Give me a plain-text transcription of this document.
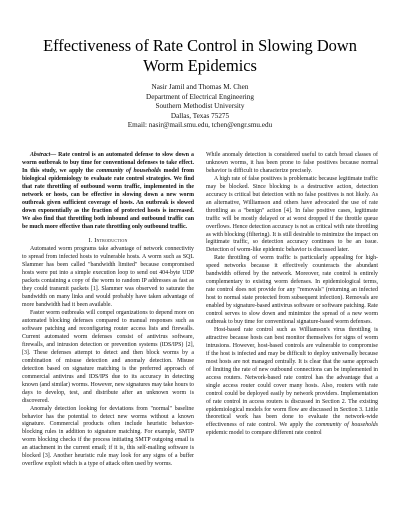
Effectiveness of Rate Control in Slowing Down Worm Epidemics
Nasir Jamil and Thomas M. Chen
Department of Electrical Engineering
Southern Methodist University
Dallas, Texas 75275
Email: nasir@mail.smu.edu, tchen@engr.smu.edu

Abstract— Rate control is an automated defense to slow down a worm outbreak to buy time for conventional defenses to take effect. In this study, we apply the community of households model from biological epidemiology to evaluate rate control strategies. We find that rate throttling of outbound worm traffic, implemented in the network or hosts, can be effective in slowing down a new worm outbreak given sufficient coverage of hosts. An outbreak is slowed down exponentially as the fraction of protected hosts is increased. We also find that throttling both inbound and outbound traffic can be much more effective than rate throttling only outbound traffic.

I. Introduction

Automated worm programs take advantage of network connectivity to spread from infected hosts to vulnerable hosts. A worm such as SQL Slammer has been called "bandwidth limited" because compromised hosts were put into a simple execution loop to send out 404-byte UDP packets containing a copy of the worm to random IP addresses as fast as they could transmit packets [1]. Slammer was observed to saturate the bandwidth on many links and would probably have taken advantage of more bandwidth had it been available.

Faster worm outbreaks will compel organizations to depend more on automated blocking defenses compared to manual responses such as software patching and reconfiguring router access lists and firewalls. Current automated worm defenses consist of antivirus software, firewalls, and intrusion detection or prevention systems (IDS/IPS) [2], [3]. These defenses attempt to detect and then block worms by a combination of misuse detection and anomaly detection. Misuse detection based on signature matching is the preferred approach of commercial antivirus and IDS/IPS due to its accuracy in detecting known (and similar) worms. However, new signatures may take hours to days to develop, test, and distribute after an unknown worm is discovered.

Anomaly detection looking for deviations from "normal" baseline behavior has the potential to detect new worms without a known signature. Commercial products often include heuristic behavior-blocking rules in addition to signature matching. For example, SMTP worm blocking checks if the process initiating SMTP outgoing email is an attachment in the current email; if it is, this self-mailing software is blocked [3]. Another heuristic rule may look for any signs of a buffer overflow exploit which is a type of attack often used by worms.

While anomaly detection is considered useful to catch broad classes of unknown worms, it has been prone to false positives because normal behavior is difficult to characterize precisely.

A high rate of false positives is problematic because legitimate traffic may be blocked. Since blocking is a destructive action, detection accuracy is critical but detection with no false positives is not likely. As an alternative, Williamson and others have advocated the use of rate throttling as a "benign" action [4]. In false positive cases, legitimate traffic will be mostly delayed or at worst dropped if the throttle queue overflows. Hence detection accuracy is not as critical with rate throttling as with blocking (filtering). It is still desirable to minimize the impact on legitimate traffic, so detection accuracy continues to be an issue. Detection of worm-like epidemic behavior is discussed later.

Rate throttling of worm traffic is particularly appealing for high-speed networks because it effectively counteracts the abundant bandwidth offered by the network. Moreover, rate control is entirely complementary to existing worm defenses. In epidemiological terms, rate control does not provide for any "removals" (returning an infected host to normal state protected from subsequent infection). Removals are enabled by signature-based antivirus software or software patching. Rate control serves to slow down and minimize the spread of a new worm outbreak to buy time for conventional signature-based worm defenses.

Host-based rate control such as Williamson's virus throttling is attractive because hosts can best monitor themselves for signs of worm intrusions. However, host-based controls are vulnerable to compromise if the host is infected and may be difficult to deploy universally because most hosts are not managed centrally. It is clear that the same approach of limiting the rate of new outbound connections can be implemented in access routers. Network-based rate control has the advantage that a single access router could cover many hosts. Also, routers with rate control could be deployed easily by network providers. Implementation of rate control in access routers is discussed in Section 2. The existing epidemiological models for worm flow are discussed in Section 3. Little theoretical work has been done to evaluate the network-wide effectiveness of rate control. We apply the community of households epidemic model to compare different rate control
